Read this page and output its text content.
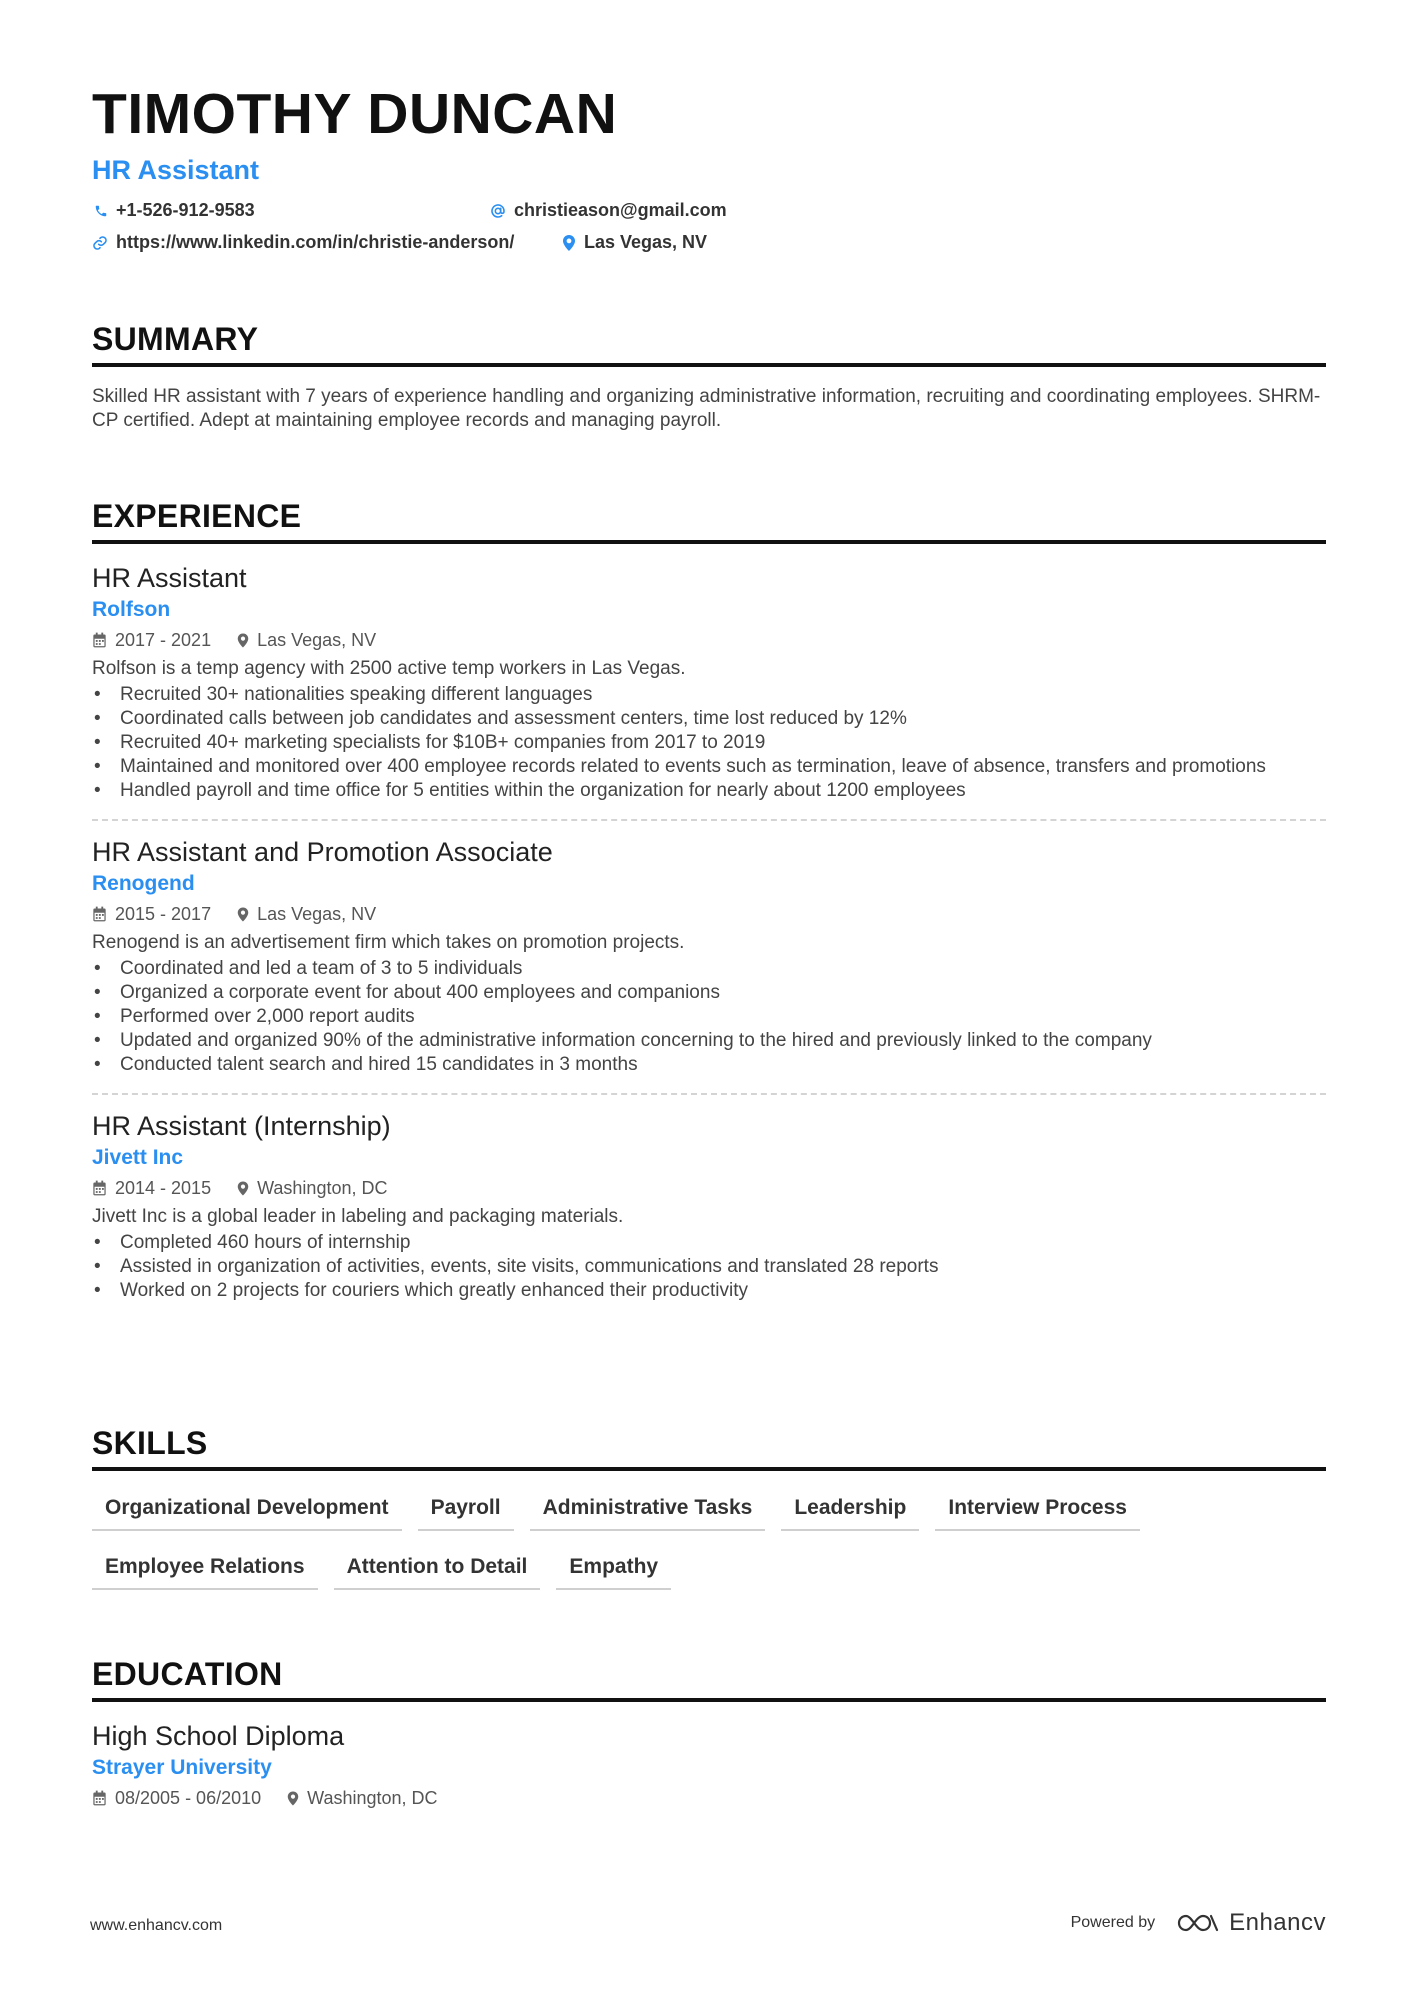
TIMOTHY DUNCAN
HR Assistant
+1-526-912-9583	christieason@gmail.com
https://www.linkedin.com/in/christie-anderson/	Las Vegas, NV
SUMMARY
Skilled HR assistant with 7 years of experience handling and organizing administrative information, recruiting and coordinating employees. SHRM-CP certified. Adept at maintaining employee records and managing payroll.
EXPERIENCE
HR Assistant
Rolfson
2017 - 2021	Las Vegas, NV
Rolfson is a temp agency with 2500 active temp workers in Las Vegas.
• Recruited 30+ nationalities speaking different languages
• Coordinated calls between job candidates and assessment centers, time lost reduced by 12%
• Recruited 40+ marketing specialists for $10B+ companies from 2017 to 2019
• Maintained and monitored over 400 employee records related to events such as termination, leave of absence, transfers and promotions
• Handled payroll and time office for 5 entities within the organization for nearly about 1200 employees
HR Assistant and Promotion Associate
Renogend
2015 - 2017	Las Vegas, NV
Renogend is an advertisement firm which takes on promotion projects.
• Coordinated and led a team of 3 to 5 individuals
• Organized a corporate event for about 400 employees and companions
• Performed over 2,000 report audits
• Updated and organized 90% of the administrative information concerning to the hired and previously linked to the company
• Conducted talent search and hired 15 candidates in 3 months
HR Assistant (Internship)
Jivett Inc
2014 - 2015	Washington, DC
Jivett Inc is a global leader in labeling and packaging materials.
• Completed 460 hours of internship
• Assisted in organization of activities, events, site visits, communications and translated 28 reports
• Worked on 2 projects for couriers which greatly enhanced their productivity
SKILLS
Organizational Development	Payroll	Administrative Tasks	Leadership	Interview Process
Employee Relations	Attention to Detail	Empathy
EDUCATION
High School Diploma
Strayer University
08/2005 - 06/2010	Washington, DC
www.enhancv.com	Powered by	Enhancv
